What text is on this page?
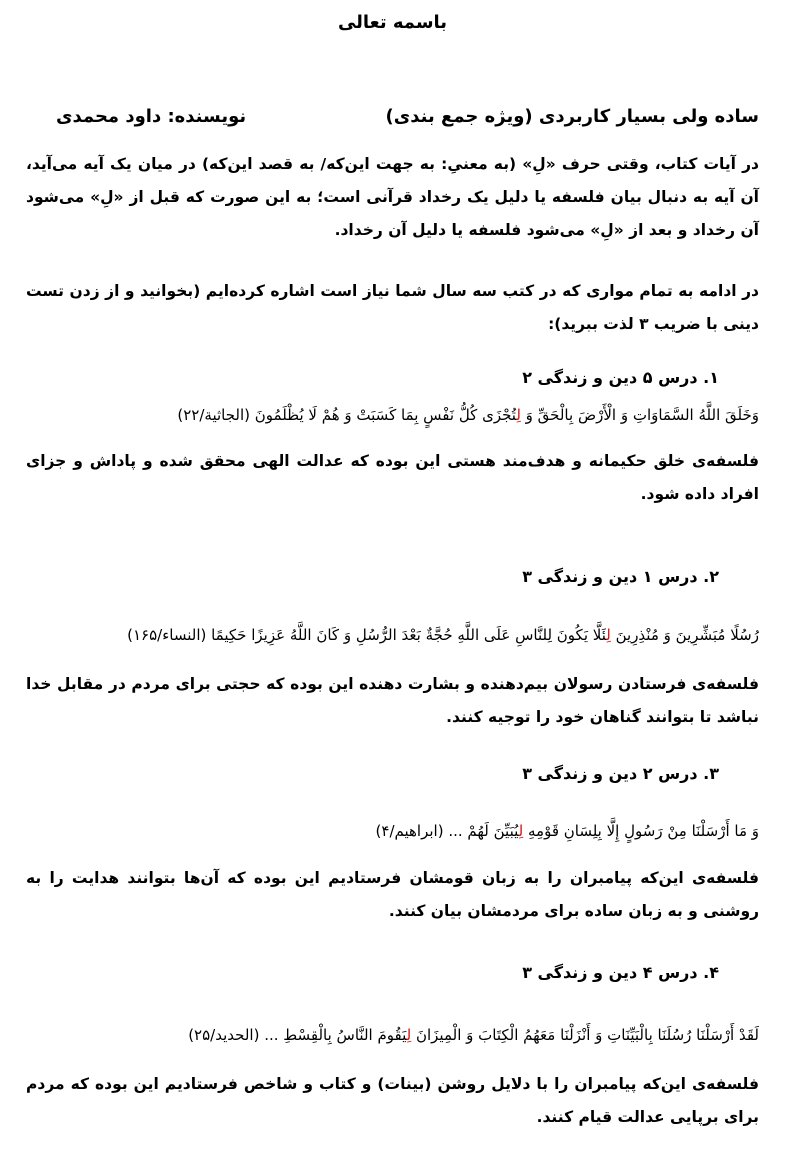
باسمه تعالی
ساده ولی بسیار کاربردی (ویژه جمع بندی)
نویسنده: داود محمدی
در آیات کتاب، وقتی حرف «لِ» (به معنیِ: به جهت این‌که/ به قصد این‌که) در میان یک آیه می‌آید، آن آیه به دنبال بیان فلسفه یا دلیل یک رخداد قرآنی است؛ به این صورت که قبل از «لِ» می‌شود آن رخداد و بعد از «لِ» می‌شود فلسفه یا دلیل آن رخداد.
در ادامه به تمام مواری که در کتب سه سال شما نیاز است اشاره کرده‌ایم (بخوانید و از زدن تست دینی با ضریب ۳ لذت ببرید):
۱. درس ۵ دین و زندگی ۲
وَخَلَقَ اللَّهُ السَّمَاوَاتِ وَ الْأَرْضَ بِالْحَقِّ وَ لِتُجْزَى كُلُّ نَفْسٍ بِمَا كَسَبَتْ وَ هُمْ لَا يُظْلَمُونَ (الجاثیة/۲۲)
فلسفه‌ی خلق حکیمانه و هدف‌مند هستی این بوده که عدالت الهی محقق شده و پاداش و جزای افراد داده شود.
۲. درس ۱ دین و زندگی ۳
رُسُلًا مُبَشِّرِينَ وَ مُنْذِرِينَ لِئَلَّا يَكُونَ لِلنَّاسِ عَلَى اللَّهِ حُجَّةٌ بَعْدَ الرُّسُلِ وَ كَانَ اللَّهُ عَزِيزًا حَكِيمًا (النساء/۱۶۵)
فلسفه‌ی فرستادن رسولان بیم‌دهنده و بشارت دهنده این بوده که حجتی برای مردم در مقابل خدا نباشد تا بتوانند گناهان خود را توجیه کنند.
۳. درس ۲ دین و زندگی ۳
وَ مَا أَرْسَلْنَا مِنْ رَسُولٍ إِلَّا بِلِسَانِ قَوْمِهِ لِيُبَيِّنَ لَهُمْ ... (ابراهیم/۴)
فلسفه‌ی این‌که پیامبران را به زبان قومشان فرستادیم این بوده که آن‌ها بتوانند هدایت را به روشنی و به زبان ساده برای مردمشان بیان کنند.
۴. درس ۴ دین و زندگی ۳
لَقَدْ أَرْسَلْنَا رُسُلَنَا بِالْبَيِّنَاتِ وَ أَنْزَلْنَا مَعَهُمُ الْكِتَابَ وَ الْمِيزَانَ لِيَقُومَ النَّاسُ بِالْقِسْطِ ... (الحدید/۲۵)
فلسفه‌ی این‌که پیامبران را با دلایل روشن (بینات) و کتاب و شاخص فرستادیم این بوده که مردم برای برپایی عدالت قیام کنند.
